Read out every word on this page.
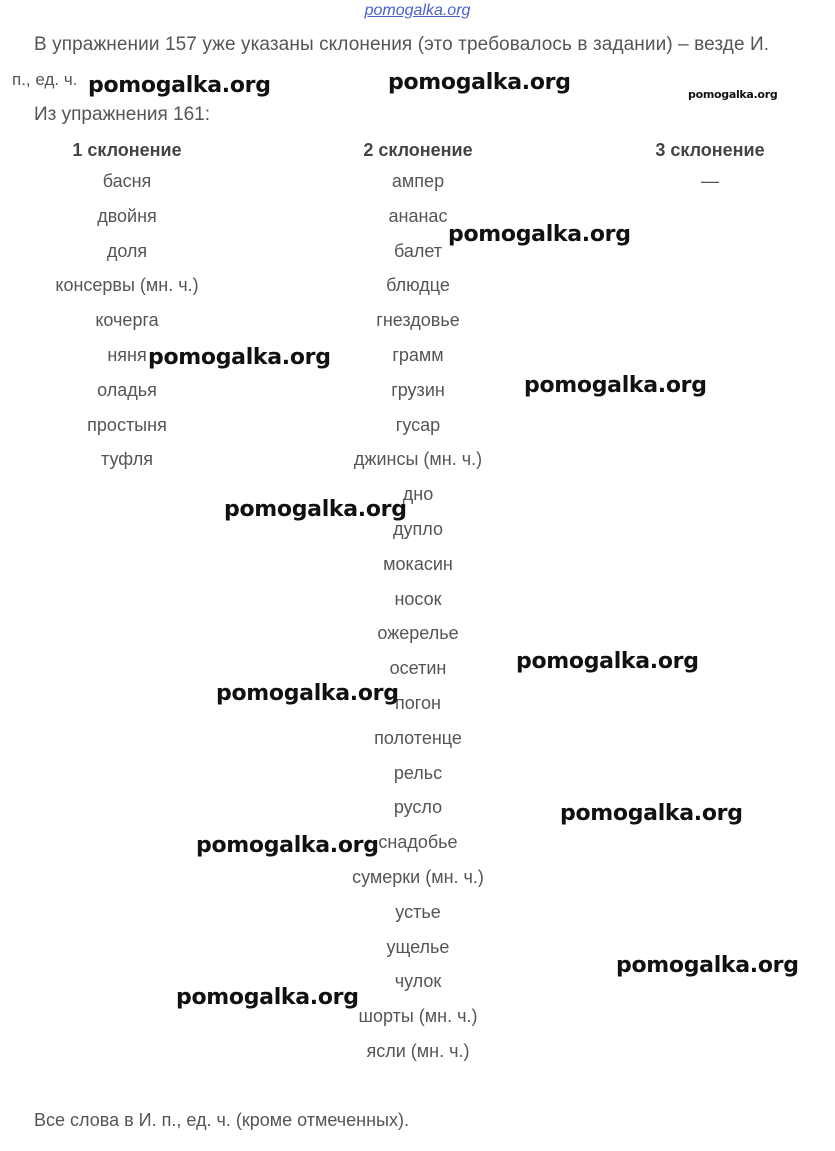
pomogalka.org
В упражнении 157 уже указаны склонения (это требовалось в задании) – везде И.
п., ед. ч.
Из упражнения 161:
1 склонение
басня
двойня
доля
консервы (мн. ч.)
кочерга
няня
оладья
простыня
туфля
2 склонение
ампер
ананас
балет
блюдце
гнездовье
грамм
грузин
гусар
джинсы (мн. ч.)
дно
дупло
мокасин
носок
ожерелье
осетин
погон
полотенце
рельс
русло
снадобье
сумерки (мн. ч.)
устье
ущелье
чулок
шорты (мн. ч.)
ясли (мн. ч.)
3 склонение
—
Все слова в И. п., ед. ч. (кроме отмеченных).
pomogalka.org	pomogalka.org	pomogalka.org
pomogalka.org
pomogalka.org
pomogalka.org
pomogalka.org
pomogalka.org
pomogalka.org
pomogalka.org
pomogalka.org
pomogalka.org
pomogalka.org
